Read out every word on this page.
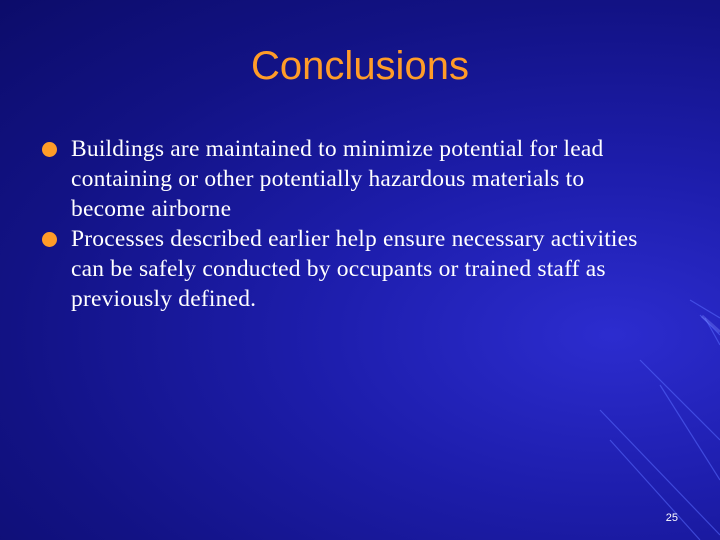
Conclusions
Buildings are maintained to minimize potential for lead containing or other potentially hazardous materials to become airborne
Processes described earlier help ensure necessary activities can be safely conducted by occupants or trained staff as previously defined.
25
